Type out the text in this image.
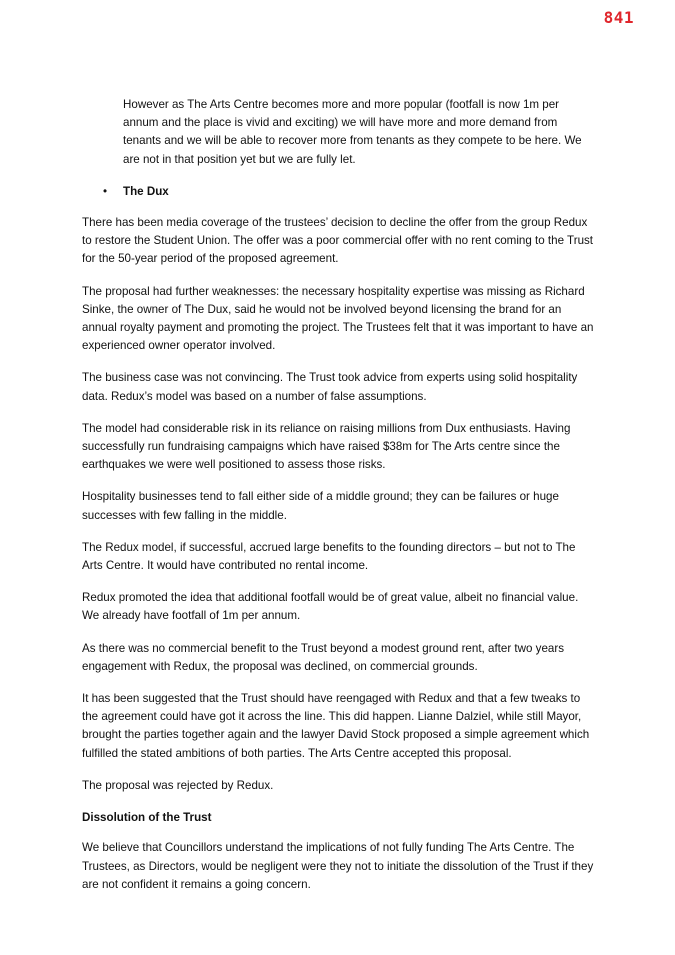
841

However as The Arts Centre becomes more and more popular (footfall is now 1m per annum and the place is vivid and exciting) we will have more and more demand from tenants and we will be able to recover more from tenants as they compete to be here. We are not in that position yet but we are fully let.

•	The Dux

There has been media coverage of the trustees’ decision to decline the offer from the group Redux to restore the Student Union. The offer was a poor commercial offer with no rent coming to the Trust for the 50-year period of the proposed agreement.

The proposal had further weaknesses: the necessary hospitality expertise was missing as Richard Sinke, the owner of The Dux, said he would not be involved beyond licensing the brand for an annual royalty payment and promoting the project. The Trustees felt that it was important to have an experienced owner operator involved.

The business case was not convincing. The Trust took advice from experts using solid hospitality data. Redux’s model was based on a number of false assumptions.

The model had considerable risk in its reliance on raising millions from Dux enthusiasts. Having successfully run fundraising campaigns which have raised $38m for The Arts centre since the earthquakes we were well positioned to assess those risks.

Hospitality businesses tend to fall either side of a middle ground; they can be failures or huge successes with few falling in the middle.

The Redux model, if successful, accrued large benefits to the founding directors – but not to The Arts Centre. It would have contributed no rental income.

Redux promoted the idea that additional footfall would be of great value, albeit no financial value. We already have footfall of 1m per annum.

As there was no commercial benefit to the Trust beyond a modest ground rent, after two years engagement with Redux, the proposal was declined, on commercial grounds.

It has been suggested that the Trust should have reengaged with Redux and that a few tweaks to the agreement could have got it across the line. This did happen. Lianne Dalziel, while still Mayor, brought the parties together again and the lawyer David Stock proposed a simple agreement which fulfilled the stated ambitions of both parties. The Arts Centre accepted this proposal.

The proposal was rejected by Redux.

Dissolution of the Trust

We believe that Councillors understand the implications of not fully funding The Arts Centre. The Trustees, as Directors, would be negligent were they not to initiate the dissolution of the Trust if they are not confident it remains a going concern.
